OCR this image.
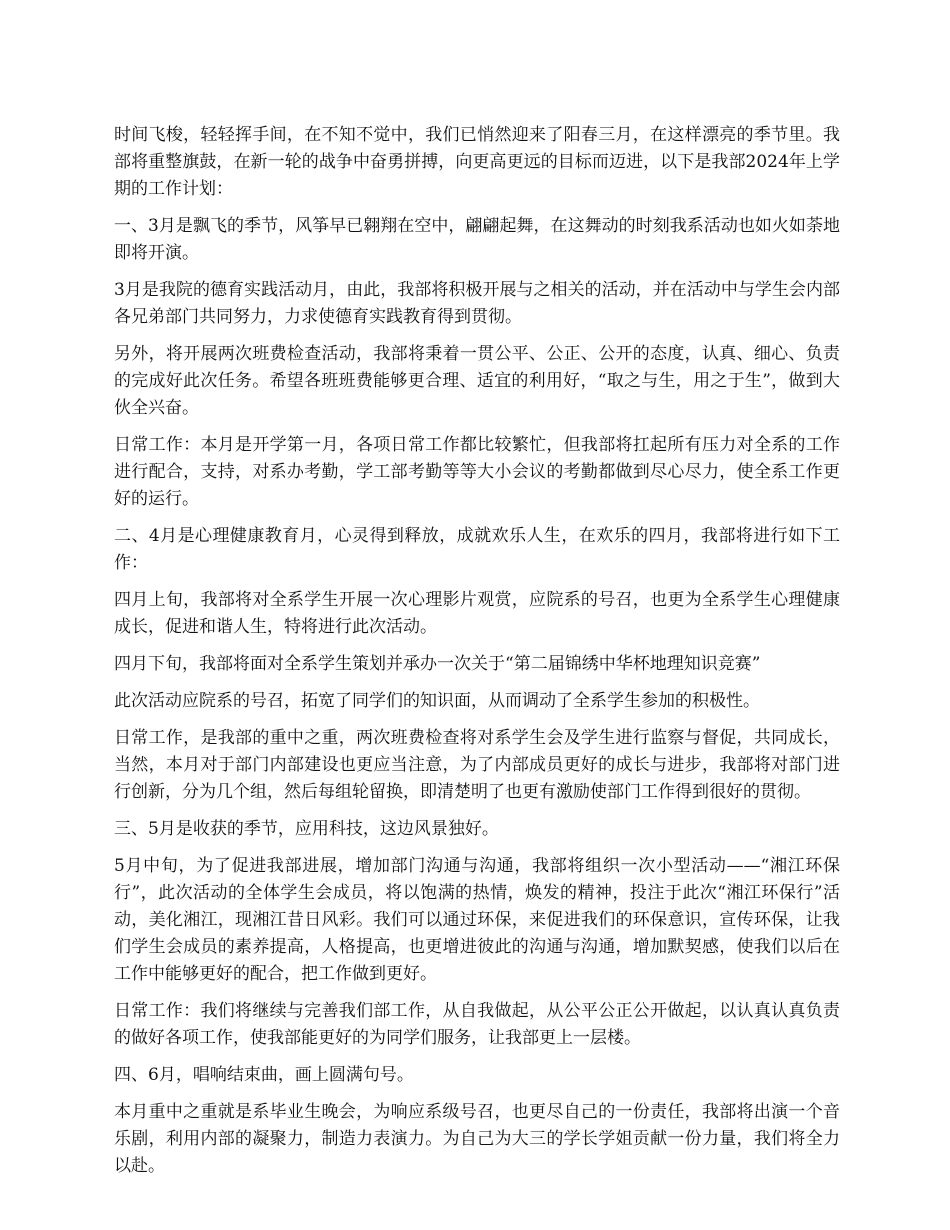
时间飞梭，轻轻挥手间，在不知不觉中，我们已悄然迎来了阳春三月，在这样漂亮的季节里。我部将重整旗鼓，在新一轮的战争中奋勇拼搏，向更高更远的目标而迈进，以下是我部2024年上学期的工作计划：

一、3月是飘飞的季节，风筝早已翱翔在空中，翩翩起舞，在这舞动的时刻我系活动也如火如荼地即将开演。

3月是我院的德育实践活动月，由此，我部将积极开展与之相关的活动，并在活动中与学生会内部各兄弟部门共同努力，力求使德育实践教育得到贯彻。

另外，将开展两次班费检查活动，我部将秉着一贯公平、公正、公开的态度，认真、细心、负责的完成好此次任务。希望各班班费能够更合理、适宜的利用好，“取之与生，用之于生”，做到大伙全兴奋。

日常工作：本月是开学第一月，各项日常工作都比较繁忙，但我部将扛起所有压力对全系的工作进行配合，支持，对系办考勤，学工部考勤等等大小会议的考勤都做到尽心尽力，使全系工作更好的运行。

二、4月是心理健康教育月，心灵得到释放，成就欢乐人生，在欢乐的四月，我部将进行如下工作：

四月上旬，我部将对全系学生开展一次心理影片观赏，应院系的号召，也更为全系学生心理健康成长，促进和谐人生，特将进行此次活动。

四月下旬，我部将面对全系学生策划并承办一次关于“第二届锦绣中华杯地理知识竞赛”

此次活动应院系的号召，拓宽了同学们的知识面，从而调动了全系学生参加的积极性。

日常工作，是我部的重中之重，两次班费检查将对系学生会及学生进行监察与督促，共同成长，当然，本月对于部门内部建设也更应当注意，为了内部成员更好的成长与进步，我部将对部门进行创新，分为几个组，然后每组轮留换，即清楚明了也更有激励使部门工作得到很好的贯彻。

三、5月是收获的季节，应用科技，这边风景独好。

5月中旬，为了促进我部进展，增加部门沟通与沟通，我部将组织一次小型活动——“湘江环保行”，此次活动的全体学生会成员，将以饱满的热情，焕发的精神，投注于此次“湘江环保行”活动，美化湘江，现湘江昔日风彩。我们可以通过环保，来促进我们的环保意识，宣传环保，让我们学生会成员的素养提高，人格提高，也更增进彼此的沟通与沟通，增加默契感，使我们以后在工作中能够更好的配合，把工作做到更好。

日常工作：我们将继续与完善我们部工作，从自我做起，从公平公正公开做起，以认真认真负责的做好各项工作，使我部能更好的为同学们服务，让我部更上一层楼。

四、6月，唱响结束曲，画上圆满句号。

本月重中之重就是系毕业生晚会，为响应系级号召，也更尽自己的一份责任，我部将出演一个音乐剧，利用内部的凝聚力，制造力表演力。为自己为大三的学长学姐贡献一份力量，我们将全力以赴。
